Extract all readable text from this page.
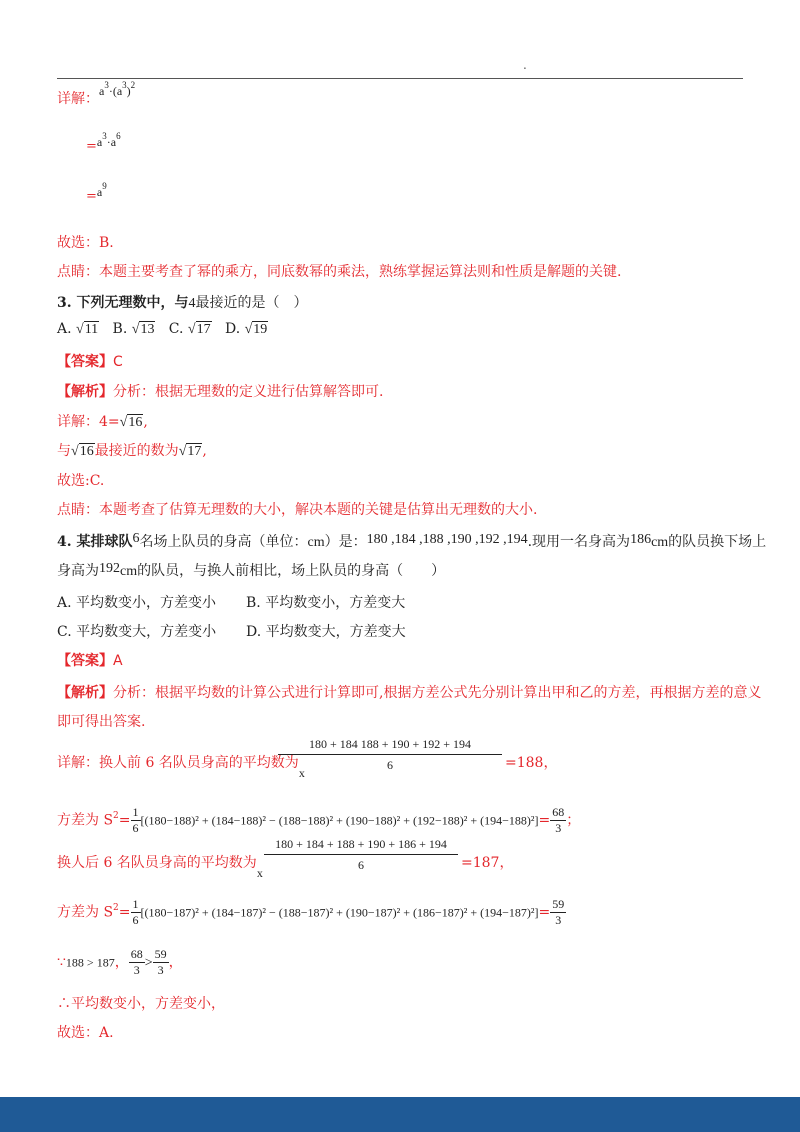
.
详解：$a^3\cdot(a^3)^2$
$=a^3\cdot a^6$
$=a^9$
故选：B.
点睛：本题主要考查了幂的乘方，同底数幂的乘法，熟练掌握运算法则和性质是解题的关键.
3. 下列无理数中，与4最接近的是（　）
A. √11 B. √13 C. √17 D. √19
【答案】C
【解析】分析：根据无理数的定义进行估算解答即可.
详解：4=√16,
与√16最接近的数为√17,
故选:C.
点睛：本题考查了估算无理数的大小，解决本题的关键是估算出无理数的大小.
4. 某排球队6名场上队员的身高（单位：cm）是：180 ,184 ,188 ,190 ,192 ,194.现用一名身高为186cm的队员换下场上
身高为192cm的队员，与换人前相比，场上队员的身高（　　）
A. 平均数变小，方差变小 B. 平均数变小，方差变大
C. 平均数变大，方差变小 D. 平均数变大，方差变大
【答案】A
【解析】分析：根据平均数的计算公式进行计算即可,根据方差公式先分别计算出甲和乙的方差，再根据方差的意义
即可得出答案.
详解：换人前 6 名队员身高的平均数为x
$\frac{180 + 184 188 + 190 + 192 + 194}{6} =188$，
方差为 $S^2= \frac{1}{6} [(180-188)^2 + (184-188)^2 - (188-188)^2 + (190-188)^2 + (192-188)^2 + (194-188)^2]= \frac{68}{3}$ ；
换人后 6 名队员身高的平均数为x $\frac{180 + 184 + 188 + 190 + 186 + 194}{6} =187$，
方差为 $S^2= \frac{1}{6} [(180-187)^2 + (184-187)^2 - (188-187)^2 + (190-187)^2 + (186-187)^2 + (194-187)^2]= \frac{59}{3}$
∵188 > 187， $\frac{68}{3} > \frac{59}{3}$ ，
∴平均数变小，方差变小，
故选：A.
